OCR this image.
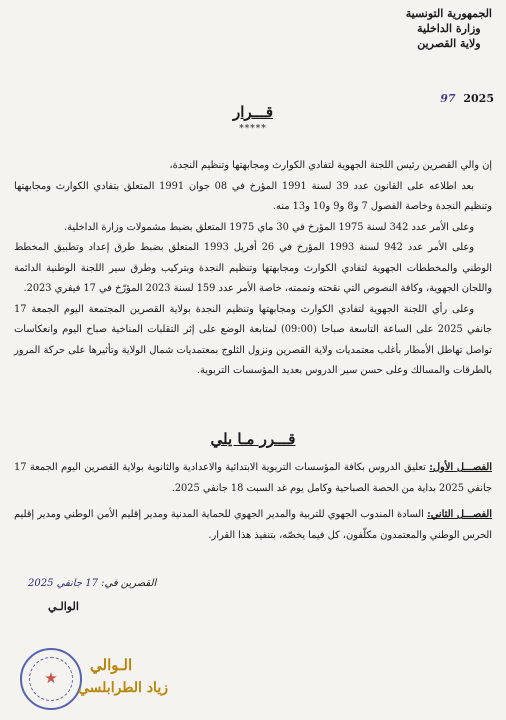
الجمهورية التونسية
وزارة الداخلية
ولاية القصرين
2025 97
قـــرار
*****

إن والي القصرين رئيس اللجنة الجهوية لتفادي الكوارث ومجابهتها وتنظيم النجدة،

بعد اطلاعه على القانون عدد 39 لسنة 1991 المؤرخ في 08 جوان 1991 المتعلق بتفادي الكوارث ومجابهتها وتنظيم النجدة وخاصة الفصول 7 و8 و9 و10 و13 منه.

وعلى الأمر عدد 342 لسنة 1975 المؤرخ في 30 ماي 1975 المتعلق بضبط مشمولات وزارة الداخلية.

وعلى الأمر عدد 942 لسنة 1993 المؤرخ في 26 أفريل 1993 المتعلق بضبط طرق إعداد وتطبيق المخطط الوطني والمخططات الجهوية لتفادي الكوارث ومجابهتها وتنظيم النجدة وبتركيب وطرق سير اللجنة الوطنية الدائمة واللجان الجهوية، وكافة النصوص التي نقحته وتممته، خاصة الأمر عدد 159 لسنة 2023 المؤرّخ في 17 فيفري 2023.

وعلى رأي اللجنة الجهوية لتفادي الكوارث ومجابهتها وتنظيم النجدة بولاية القصرين المجتمعة اليوم الجمعة 17 جانفي 2025 على الساعة التاسعة صباحا (09:00) لمتابعة الوضع على إثر التقلبات المناخية صباح اليوم وانعكاسات تواصل تهاطل الأمطار بأغلب معتمديات ولاية القصرين ونزول الثلوج بمعتمديات شمال الولاية وتأثيرها على حركة المرور بالطرقات والمسالك وعلى حسن سير الدروس بعديد المؤسسات التربوية.

قـــرر مـا يلي

الفصـــل الأول: تعليق الدروس بكافة المؤسسات التربوية الابتدائية والاعدادية والثانوية بولاية القصرين اليوم الجمعة 17 جانفي 2025 بداية من الحصة الصباحية وكامل يوم غد السبت 18 جانفي 2025.

الفصـــل الثاني: السادة المندوب الجهوي للتربية والمدير الجهوي للحماية المدنية ومدير إقليم الأمن الوطني ومدير إقليم الحرس الوطني والمعتمدون مكلّفون، كل فيما يخصّه، بتنفيذ هذا القرار.

القصرين في: 17 جانفي 2025
الوالـي
★
الـوالي
زياد الطرابلسي
